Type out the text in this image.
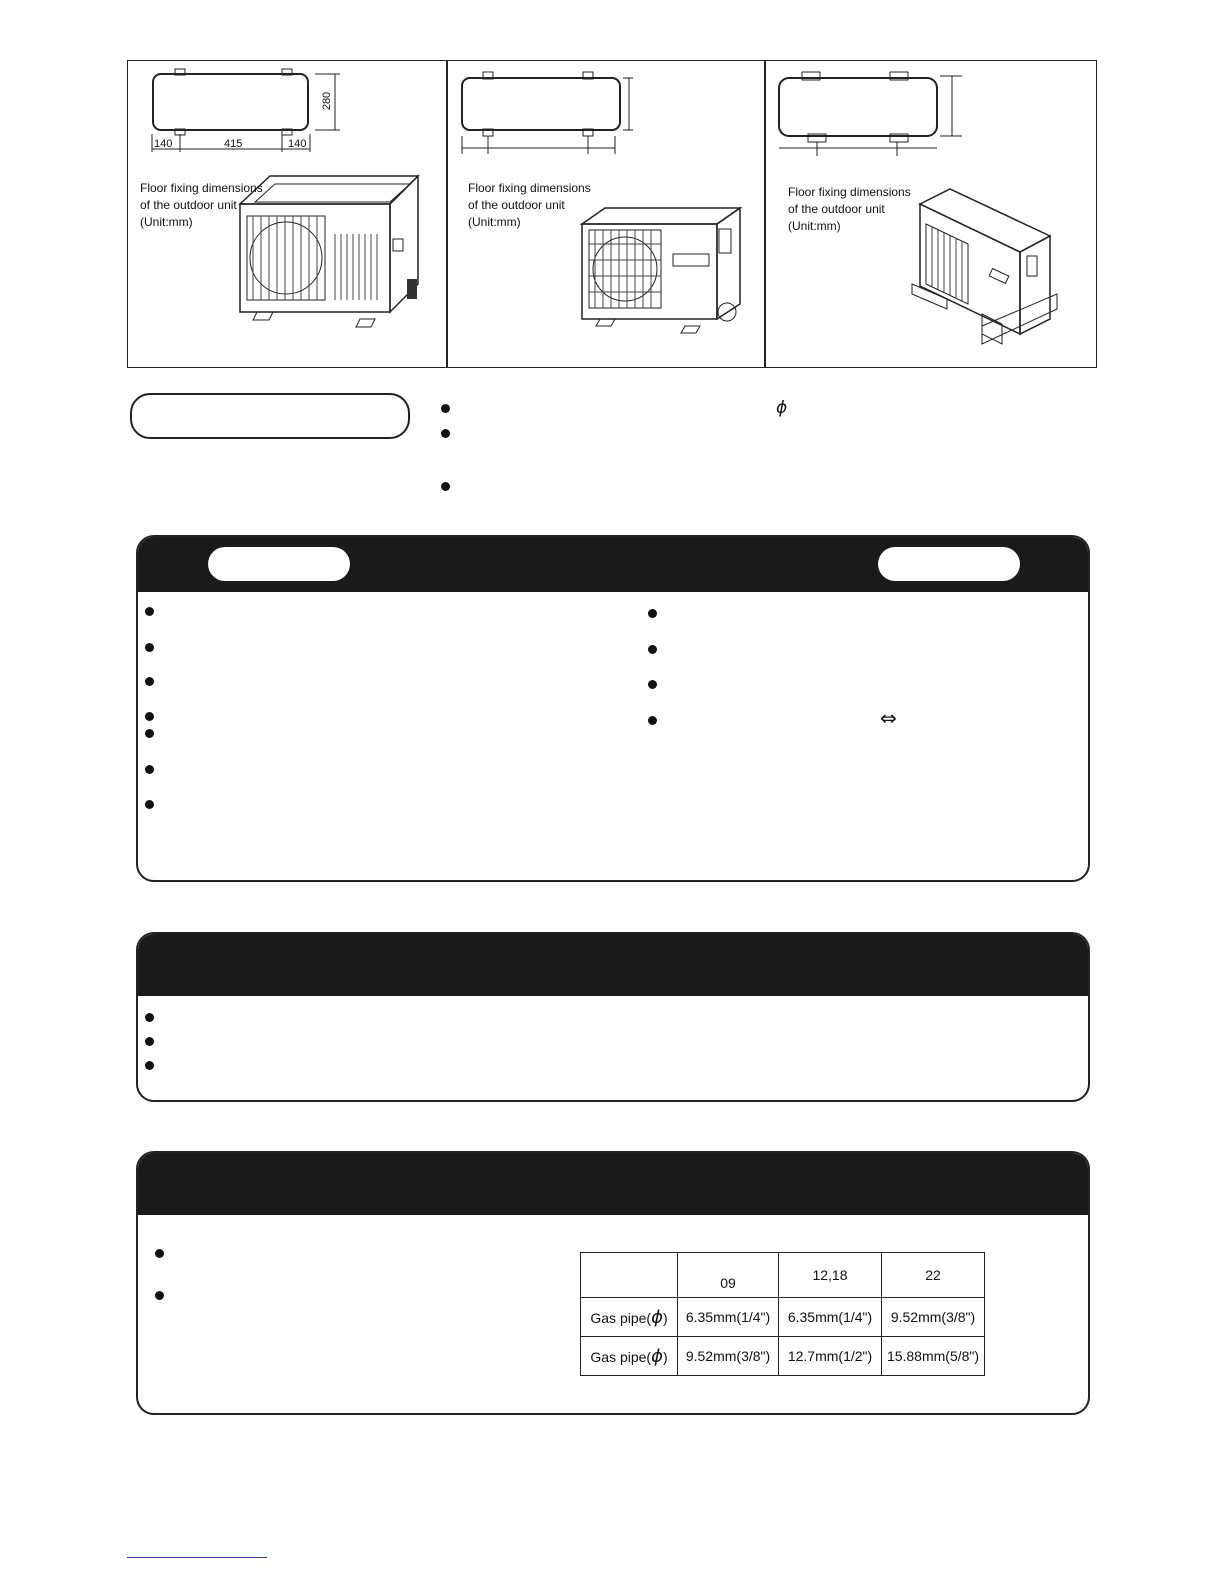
140	415	140
280
Floor fixing dimensions
of the outdoor unit
(Unit:mm)
Floor fixing dimensions
of the outdoor unit
(Unit:mm)
Floor fixing dimensions
of the outdoor unit
(Unit:mm)
ϕ
⇔
	09	12,18	22
Gas pipe(ϕ)	6.35mm(1/4")	6.35mm(1/4")	9.52mm(3/8")
Gas pipe(ϕ)	9.52mm(3/8")	12.7mm(1/2")	15.88mm(5/8")
